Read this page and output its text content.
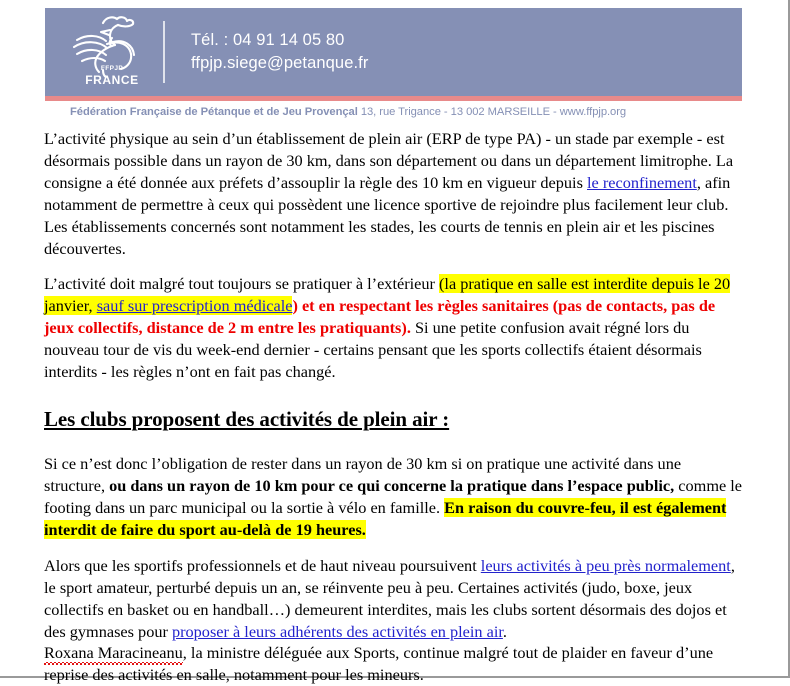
FFPJP
FRANCE
Tél. : 04 91 14 05 80
ffpjp.siege@petanque.fr
Fédération Française de Pétanque et de Jeu Provençal 13, rue Trigance - 13 002 MARSEILLE - www.ffpjp.org

L’activité physique au sein d’un établissement de plein air (ERP de type PA) - un stade par exemple - est désormais possible dans un rayon de 30 km, dans son département ou dans un département limitrophe. La consigne a été donnée aux préfets d’assouplir la règle des 10 km en vigueur depuis le reconfinement, afin notamment de permettre à ceux qui possèdent une licence sportive de rejoindre plus facilement leur club. Les établissements concernés sont notamment les stades, les courts de tennis en plein air et les piscines découvertes.

L’activité doit malgré tout toujours se pratiquer à l’extérieur (la pratique en salle est interdite depuis le 20 janvier, sauf sur prescription médicale) et en respectant les règles sanitaires (pas de contacts, pas de jeux collectifs, distance de 2 m entre les pratiquants). Si une petite confusion avait régné lors du nouveau tour de vis du week-end dernier - certains pensant que les sports collectifs étaient désormais interdits - les règles n’ont en fait pas changé.

Les clubs proposent des activités de plein air :

Si ce n’est donc l’obligation de rester dans un rayon de 30 km si on pratique une activité dans une structure, ou dans un rayon de 10 km pour ce qui concerne la pratique dans l’espace public, comme le footing dans un parc municipal ou la sortie à vélo en famille. En raison du couvre-feu, il est également interdit de faire du sport au-delà de 19 heures.

Alors que les sportifs professionnels et de haut niveau poursuivent leurs activités à peu près normalement, le sport amateur, perturbé depuis un an, se réinvente peu à peu. Certaines activités (judo, boxe, jeux collectifs en basket ou en handball…) demeurent interdites, mais les clubs sortent désormais des dojos et des gymnases pour proposer à leurs adhérents des activités en plein air.

Roxana Maracineanu, la ministre déléguée aux Sports, continue malgré tout de plaider en faveur d’une reprise des activités en salle, notamment pour les mineurs.
